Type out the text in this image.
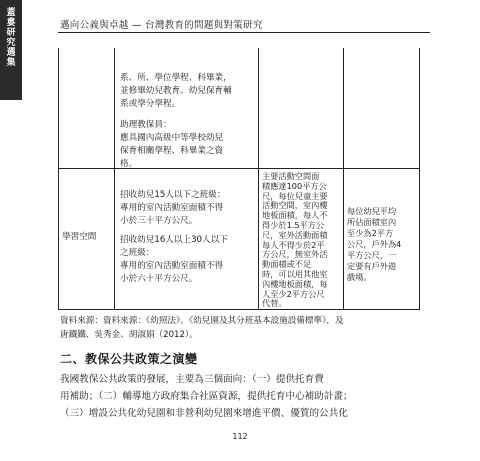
蓋婁研究選集
邁向公義與卓越 — 台灣教育的問題與對策研究
系、所、學位學程、科畢業，
並修畢幼兒教育、幼兒保育輔
系或學分學程。
助理教保員：
應具國內高級中等學校幼兒
保育相關學程、科畢業之資
格。
學習空間
招收幼兒15人以下之班級：
專用的室內活動室面積不得
小於三十平方公尺。
招收幼兒16人以上30人以下
之班級：
專用的室內活動室面積不得
小於六十平方公尺。
主要活動空間面
積應達100平方公
尺，每位兒童主要
活動空間，室內樓
地板面積，每人不
得少於1.5平方公
尺，室外活動面積
每人不得少於2平
方公尺，無室外活
動面積或不足
時，可以用其他室
內樓地板面積，每
人至少2平方公尺
代替。
每位幼兒平均
所佔面積室內
至少為2平方
公尺，戶外為4
平方公尺，一
定要有戶外遊
戲場。
資料來源：資料來源：《幼照法》、《幼兒園及其分班基本設施設備標準》，及
唐鐵鐵、吳秀金、胡淑娟（2012）。
二、教保公共政策之演變
我國教保公共政策的發展，主要為三個面向：（一）提供托育費
用補助；（二）輔導地方政府集合社區資源，提供托育中心補助計畫；
（三）增設公共化幼兒園和非營利幼兒園來增進平價、優質的公共化
112
